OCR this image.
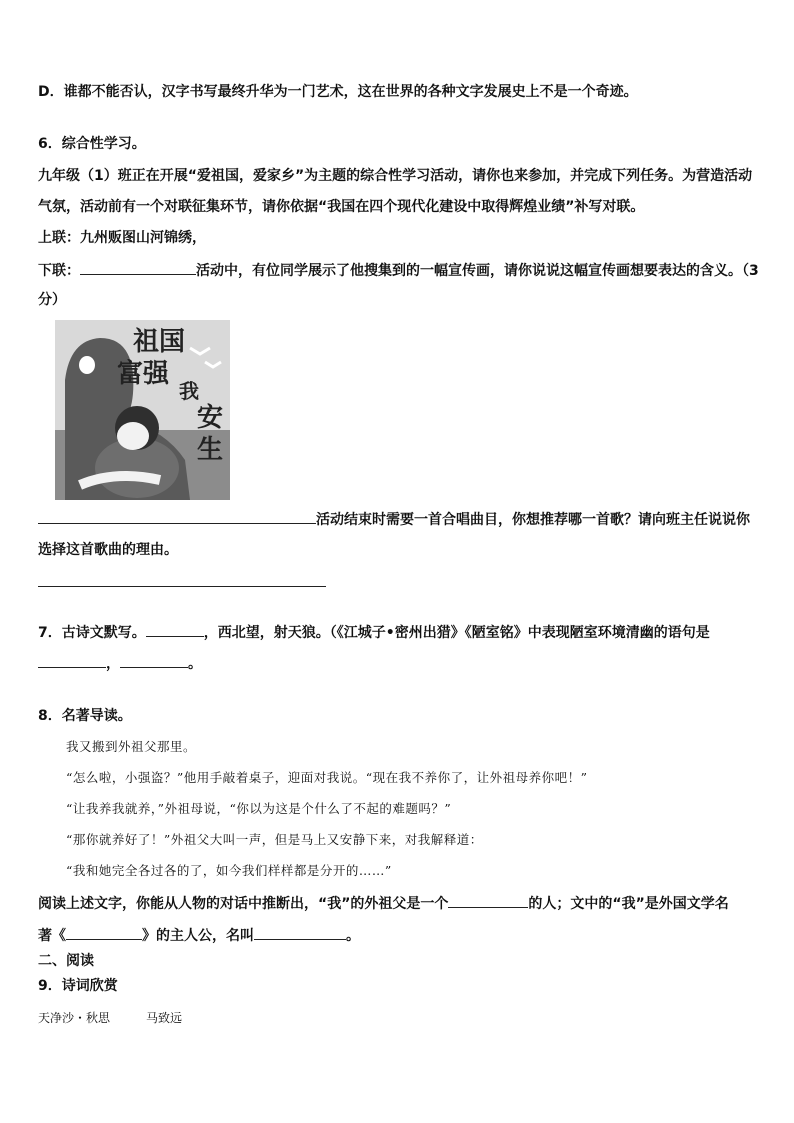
D．谁都不能否认，汉字书写最终升华为一门艺术，这在世界的各种文字发展史上不是一个奇迹。
6．综合性学习。
九年级（1）班正在开展“爱祖国，爱家乡”为主题的综合性学习活动，请你也来参加，并完成下列任务。为营造活动
气氛，活动前有一个对联征集环节，请你依据“我国在四个现代化建设中取得辉煌业绩”补写对联。
上联：九州贩图山河锦绣，
下联：	活动中，有位同学展示了他搜集到的一幅宣传画，请你说说这幅宣传画想要表达的含义。（3
分）
祖国
富强
我
安
生
活动结束时需要一首合唱曲目，你想推荐哪一首歌？请向班主任说说你
选择这首歌曲的理由。
7．古诗文默写。	，西北望，射天狼。（《江城子•密州出猎》《陋室铭》中表现陋室环境清幽的语句是
，	。
8．名著导读。
我又搬到外祖父那里。
“怎么啦，小强盗？”他用手敲着桌子，迎面对我说。“现在我不养你了，让外祖母养你吧！”
“让我养我就养，”外祖母说，“你以为这是个什么了不起的难题吗？”
“那你就养好了！”外祖父大叫一声，但是马上又安静下来，对我解释道：
“我和她完全各过各的了，如今我们样样都是分开的……”
阅读上述文字，你能从人物的对话中推断出，“我”的外祖父是一个	的人；文中的“我”是外国文学名
著《	》的主人公，名叫	。
二、阅读
9．诗词欣赏
天净沙・秋思	马致远
